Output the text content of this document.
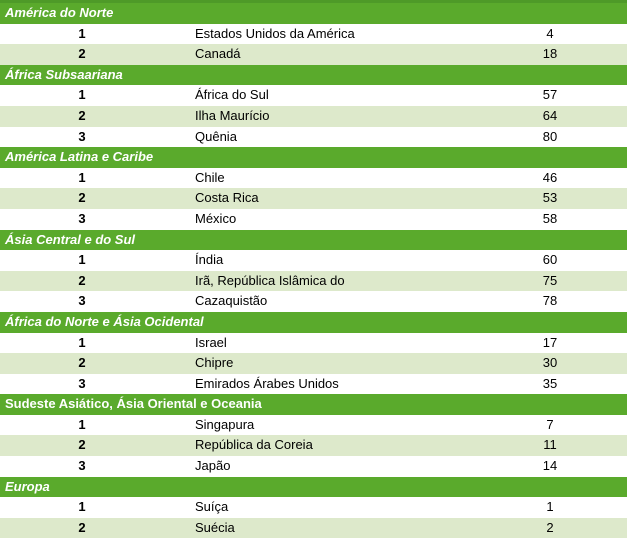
América do Norte
1	Estados Unidos da América	4
2	Canadá	18
África Subsaariana
1	África do Sul	57
2	Ilha Maurício	64
3	Quênia	80
América Latina e Caribe
1	Chile	46
2	Costa Rica	53
3	México	58
Ásia Central e do Sul
1	Índia	60
2	Irã, República Islâmica do	75
3	Cazaquistão	78
África do Norte e Ásia Ocidental
1	Israel	17
2	Chipre	30
3	Emirados Árabes Unidos	35
Sudeste Asiático, Ásia Oriental e Oceania
1	Singapura	7
2	República da Coreia	11
3	Japão	14
Europa
1	Suíça	1
2	Suécia	2
